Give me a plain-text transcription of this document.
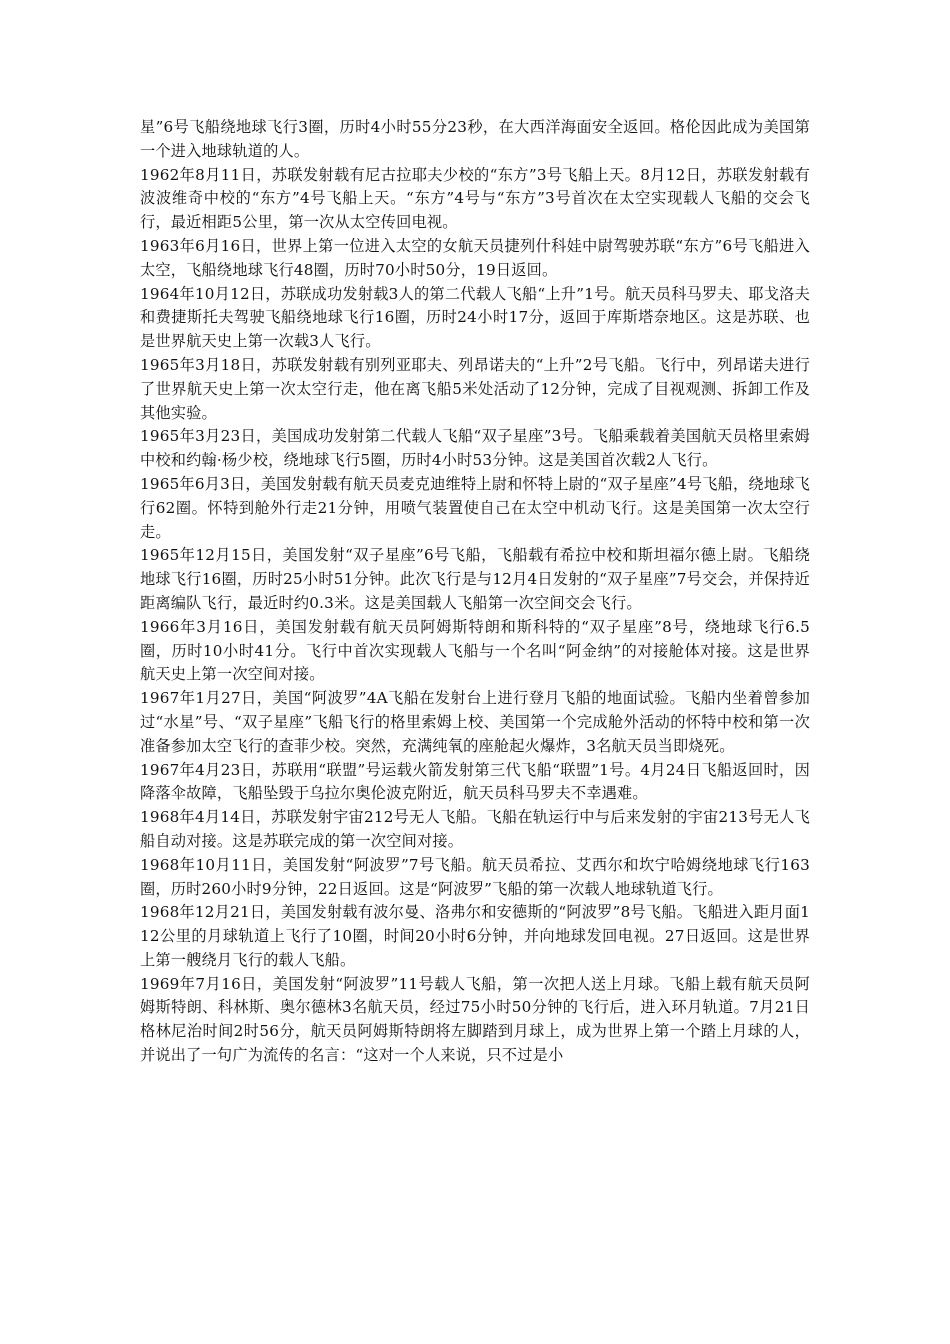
星”6号飞船绕地球飞行3圈，历时4小时55分23秒，在大西洋海面安全返回。格伦因此成为美国第一个进入地球轨道的人。

1962年8月11日，苏联发射载有尼古拉耶夫少校的“东方”3号飞船上天。8月12日，苏联发射载有波波维奇中校的“东方”4号飞船上天。“东方”4号与“东方”3号首次在太空实现载人飞船的交会飞行，最近相距5公里，第一次从太空传回电视。

1963年6月16日，世界上第一位进入太空的女航天员捷列什科娃中尉驾驶苏联“东方”6号飞船进入太空，飞船绕地球飞行48圈，历时70小时50分，19日返回。

1964年10月12日，苏联成功发射载3人的第二代载人飞船“上升”1号。航天员科马罗夫、耶戈洛夫和费捷斯托夫驾驶飞船绕地球飞行16圈，历时24小时17分，返回于库斯塔奈地区。这是苏联、也是世界航天史上第一次载3人飞行。

1965年3月18日，苏联发射载有别列亚耶夫、列昂诺夫的“上升”2号飞船。飞行中，列昂诺夫进行了世界航天史上第一次太空行走，他在离飞船5米处活动了12分钟，完成了目视观测、拆卸工作及其他实验。

1965年3月23日，美国成功发射第二代载人飞船“双子星座”3号。飞船乘载着美国航天员格里索姆中校和约翰·杨少校，绕地球飞行5圈，历时4小时53分钟。这是美国首次载2人飞行。

1965年6月3日，美国发射载有航天员麦克迪维特上尉和怀特上尉的“双子星座”4号飞船，绕地球飞行62圈。怀特到舱外行走21分钟，用喷气装置使自己在太空中机动飞行。这是美国第一次太空行走。

1965年12月15日，美国发射“双子星座”6号飞船，飞船载有希拉中校和斯坦福尔德上尉。飞船绕地球飞行16圈，历时25小时51分钟。此次飞行是与12月4日发射的“双子星座”7号交会，并保持近距离编队飞行，最近时约0.3米。这是美国载人飞船第一次空间交会飞行。

1966年3月16日，美国发射载有航天员阿姆斯特朗和斯科特的“双子星座”8号，绕地球飞行6.5圈，历时10小时41分。飞行中首次实现载人飞船与一个名叫“阿金纳”的对接舱体对接。这是世界航天史上第一次空间对接。

1967年1月27日，美国“阿波罗”4A飞船在发射台上进行登月飞船的地面试验。飞船内坐着曾参加过“水星”号、“双子星座”飞船飞行的格里索姆上校、美国第一个完成舱外活动的怀特中校和第一次准备参加太空飞行的查菲少校。突然，充满纯氧的座舱起火爆炸，3名航天员当即烧死。

1967年4月23日，苏联用“联盟”号运载火箭发射第三代飞船“联盟”1号。4月24日飞船返回时，因降落伞故障，飞船坠毁于乌拉尔奥伦波克附近，航天员科马罗夫不幸遇难。

1968年4月14日，苏联发射宇宙212号无人飞船。飞船在轨运行中与后来发射的宇宙213号无人飞船自动对接。这是苏联完成的第一次空间对接。

1968年10月11日，美国发射“阿波罗”7号飞船。航天员希拉、艾西尔和坎宁哈姆绕地球飞行163圈，历时260小时9分钟，22日返回。这是“阿波罗”飞船的第一次载人地球轨道飞行。

1968年12月21日，美国发射载有波尔曼、洛弗尔和安德斯的“阿波罗”8号飞船。飞船进入距月面112公里的月球轨道上飞行了10圈，时间20小时6分钟，并向地球发回电视。27日返回。这是世界上第一艘绕月飞行的载人飞船。

1969年7月16日，美国发射“阿波罗”11号载人飞船，第一次把人送上月球。飞船上载有航天员阿姆斯特朗、科林斯、奥尔德林3名航天员，经过75小时50分钟的飞行后，进入环月轨道。7月21日格林尼治时间2时56分，航天员阿姆斯特朗将左脚踏到月球上，成为世界上第一个踏上月球的人，并说出了一句广为流传的名言：“这对一个人来说，只不过是小
